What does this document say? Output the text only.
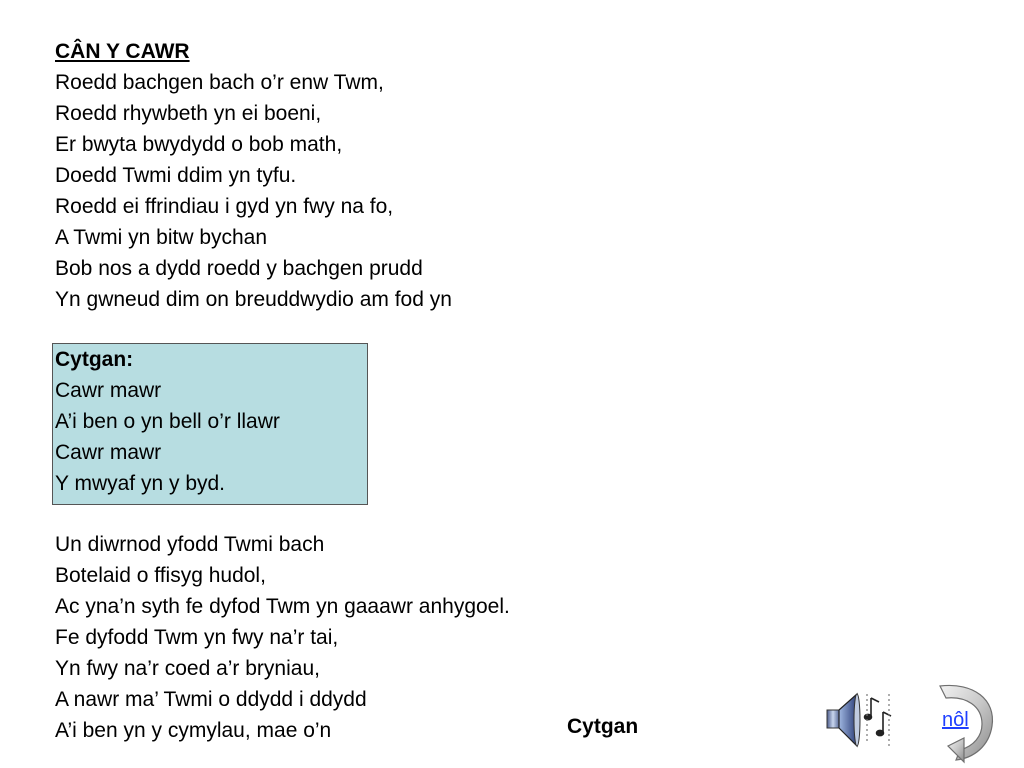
CÂN Y CAWR
Roedd bachgen bach o’r enw Twm,
Roedd rhywbeth yn ei boeni,
Er bwyta bwydydd o bob math,
Doedd Twmi ddim yn tyfu.
Roedd ei ffrindiau i gyd yn fwy na fo,
A Twmi yn bitw bychan
Bob nos a dydd roedd y bachgen prudd
Yn gwneud dim on breuddwydio am fod yn
Cytgan:
Cawr mawr
A’i ben o yn bell o’r llawr
Cawr mawr
Y mwyaf yn y byd.
Un diwrnod yfodd Twmi bach
Botelaid o ffisyg hudol,
Ac yna’n syth fe dyfod Twm yn gaaawr anhygoel.
Fe dyfodd Twm yn fwy na’r tai,
Yn fwy na’r coed a’r bryniau,
A nawr ma’ Twmi o ddydd i ddydd
A’i ben yn y cymylau, mae o’n	Cytgan	nôl
